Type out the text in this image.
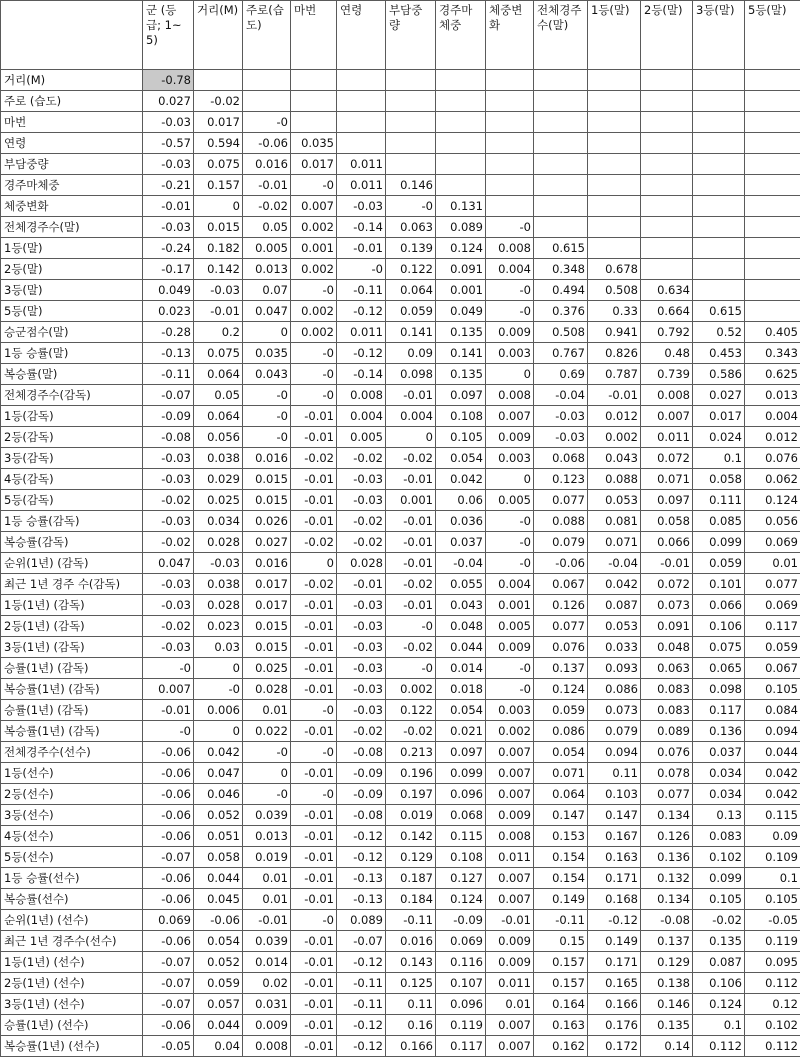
	군 (등급; 1~5)	거리(M)	주로(습도)	마번	연령	부담중량	경주마체중	체중변화	전체경주수(말)	1등(말)	2등(말)	3등(말)	5등(말)
거리(M)	-0.78												
주로 (습도)	0.027	-0.02											
마번	-0.03	0.017	-0										
연령	-0.57	0.594	-0.06	0.035									
부담중량	-0.03	0.075	0.016	0.017	0.011								
경주마체중	-0.21	0.157	-0.01	-0	0.011	0.146							
체중변화	-0.01	0	-0.02	0.007	-0.03	-0	0.131						
전체경주수(말)	-0.03	0.015	0.05	0.002	-0.14	0.063	0.089	-0					
1등(말)	-0.24	0.182	0.005	0.001	-0.01	0.139	0.124	0.008	0.615				
2등(말)	-0.17	0.142	0.013	0.002	-0	0.122	0.091	0.004	0.348	0.678			
3등(말)	0.049	-0.03	0.07	-0	-0.11	0.064	0.001	-0	0.494	0.508	0.634		
5등(말)	0.023	-0.01	0.047	0.002	-0.12	0.059	0.049	-0	0.376	0.33	0.664	0.615	
승군점수(말)	-0.28	0.2	0	0.002	0.011	0.141	0.135	0.009	0.508	0.941	0.792	0.52	0.405
1등 승률(말)	-0.13	0.075	0.035	-0	-0.12	0.09	0.141	0.003	0.767	0.826	0.48	0.453	0.343
복승률(말)	-0.11	0.064	0.043	-0	-0.14	0.098	0.135	0	0.69	0.787	0.739	0.586	0.625
전체경주수(감독)	-0.07	0.05	-0	-0	0.008	-0.01	0.097	0.008	-0.04	-0.01	0.008	0.027	0.013
1등(감독)	-0.09	0.064	-0	-0.01	0.004	0.004	0.108	0.007	-0.03	0.012	0.007	0.017	0.004
2등(감독)	-0.08	0.056	-0	-0.01	0.005	0	0.105	0.009	-0.03	0.002	0.011	0.024	0.012
3등(감독)	-0.03	0.038	0.016	-0.02	-0.02	-0.02	0.054	0.003	0.068	0.043	0.072	0.1	0.076
4등(감독)	-0.03	0.029	0.015	-0.01	-0.03	-0.01	0.042	0	0.123	0.088	0.071	0.058	0.062
5등(감독)	-0.02	0.025	0.015	-0.01	-0.03	0.001	0.06	0.005	0.077	0.053	0.097	0.111	0.124
1등 승률(감독)	-0.03	0.034	0.026	-0.01	-0.02	-0.01	0.036	-0	0.088	0.081	0.058	0.085	0.056
복승률(감독)	-0.02	0.028	0.027	-0.02	-0.02	-0.01	0.037	-0	0.079	0.071	0.066	0.099	0.069
순위(1년) (감독)	0.047	-0.03	0.016	0	0.028	-0.01	-0.04	-0	-0.06	-0.04	-0.01	0.059	0.01
최근 1년 경주 수(감독)	-0.03	0.038	0.017	-0.02	-0.01	-0.02	0.055	0.004	0.067	0.042	0.072	0.101	0.077
1등(1년) (감독)	-0.03	0.028	0.017	-0.01	-0.03	-0.01	0.043	0.001	0.126	0.087	0.073	0.066	0.069
2등(1년) (감독)	-0.02	0.023	0.015	-0.01	-0.03	-0	0.048	0.005	0.077	0.053	0.091	0.106	0.117
3등(1년) (감독)	-0.03	0.03	0.015	-0.01	-0.03	-0.02	0.044	0.009	0.076	0.033	0.048	0.075	0.059
승률(1년) (감독)	-0	0	0.025	-0.01	-0.03	-0	0.014	-0	0.137	0.093	0.063	0.065	0.067
복승률(1년) (감독)	0.007	-0	0.028	-0.01	-0.03	0.002	0.018	-0	0.124	0.086	0.083	0.098	0.105
승률(1년) (감독)	-0.01	0.006	0.01	-0	-0.03	0.122	0.054	0.003	0.059	0.073	0.083	0.117	0.084
복승률(1년) (감독)	-0	0	0.022	-0.01	-0.02	-0.02	0.021	0.002	0.086	0.079	0.089	0.136	0.094
전체경주수(선수)	-0.06	0.042	-0	-0	-0.08	0.213	0.097	0.007	0.054	0.094	0.076	0.037	0.044
1등(선수)	-0.06	0.047	0	-0.01	-0.09	0.196	0.099	0.007	0.071	0.11	0.078	0.034	0.042
2등(선수)	-0.06	0.046	-0	-0	-0.09	0.197	0.096	0.007	0.064	0.103	0.077	0.034	0.042
3등(선수)	-0.06	0.052	0.039	-0.01	-0.08	0.019	0.068	0.009	0.147	0.147	0.134	0.13	0.115
4등(선수)	-0.06	0.051	0.013	-0.01	-0.12	0.142	0.115	0.008	0.153	0.167	0.126	0.083	0.09
5등(선수)	-0.07	0.058	0.019	-0.01	-0.12	0.129	0.108	0.011	0.154	0.163	0.136	0.102	0.109
1등 승률(선수)	-0.06	0.044	0.01	-0.01	-0.13	0.187	0.127	0.007	0.154	0.171	0.132	0.099	0.1
복승률(선수)	-0.06	0.045	0.01	-0.01	-0.13	0.184	0.124	0.007	0.149	0.168	0.134	0.105	0.105
순위(1년) (선수)	0.069	-0.06	-0.01	-0	0.089	-0.11	-0.09	-0.01	-0.11	-0.12	-0.08	-0.02	-0.05
최근 1년 경주수(선수)	-0.06	0.054	0.039	-0.01	-0.07	0.016	0.069	0.009	0.15	0.149	0.137	0.135	0.119
1등(1년) (선수)	-0.07	0.052	0.014	-0.01	-0.12	0.143	0.116	0.009	0.157	0.171	0.129	0.087	0.095
2등(1년) (선수)	-0.07	0.059	0.02	-0.01	-0.11	0.125	0.107	0.011	0.157	0.165	0.138	0.106	0.112
3등(1년) (선수)	-0.07	0.057	0.031	-0.01	-0.11	0.11	0.096	0.01	0.164	0.166	0.146	0.124	0.12
승률(1년) (선수)	-0.06	0.044	0.009	-0.01	-0.12	0.16	0.119	0.007	0.163	0.176	0.135	0.1	0.102
복승률(1년) (선수)	-0.05	0.04	0.008	-0.01	-0.12	0.166	0.117	0.007	0.162	0.172	0.14	0.112	0.112
